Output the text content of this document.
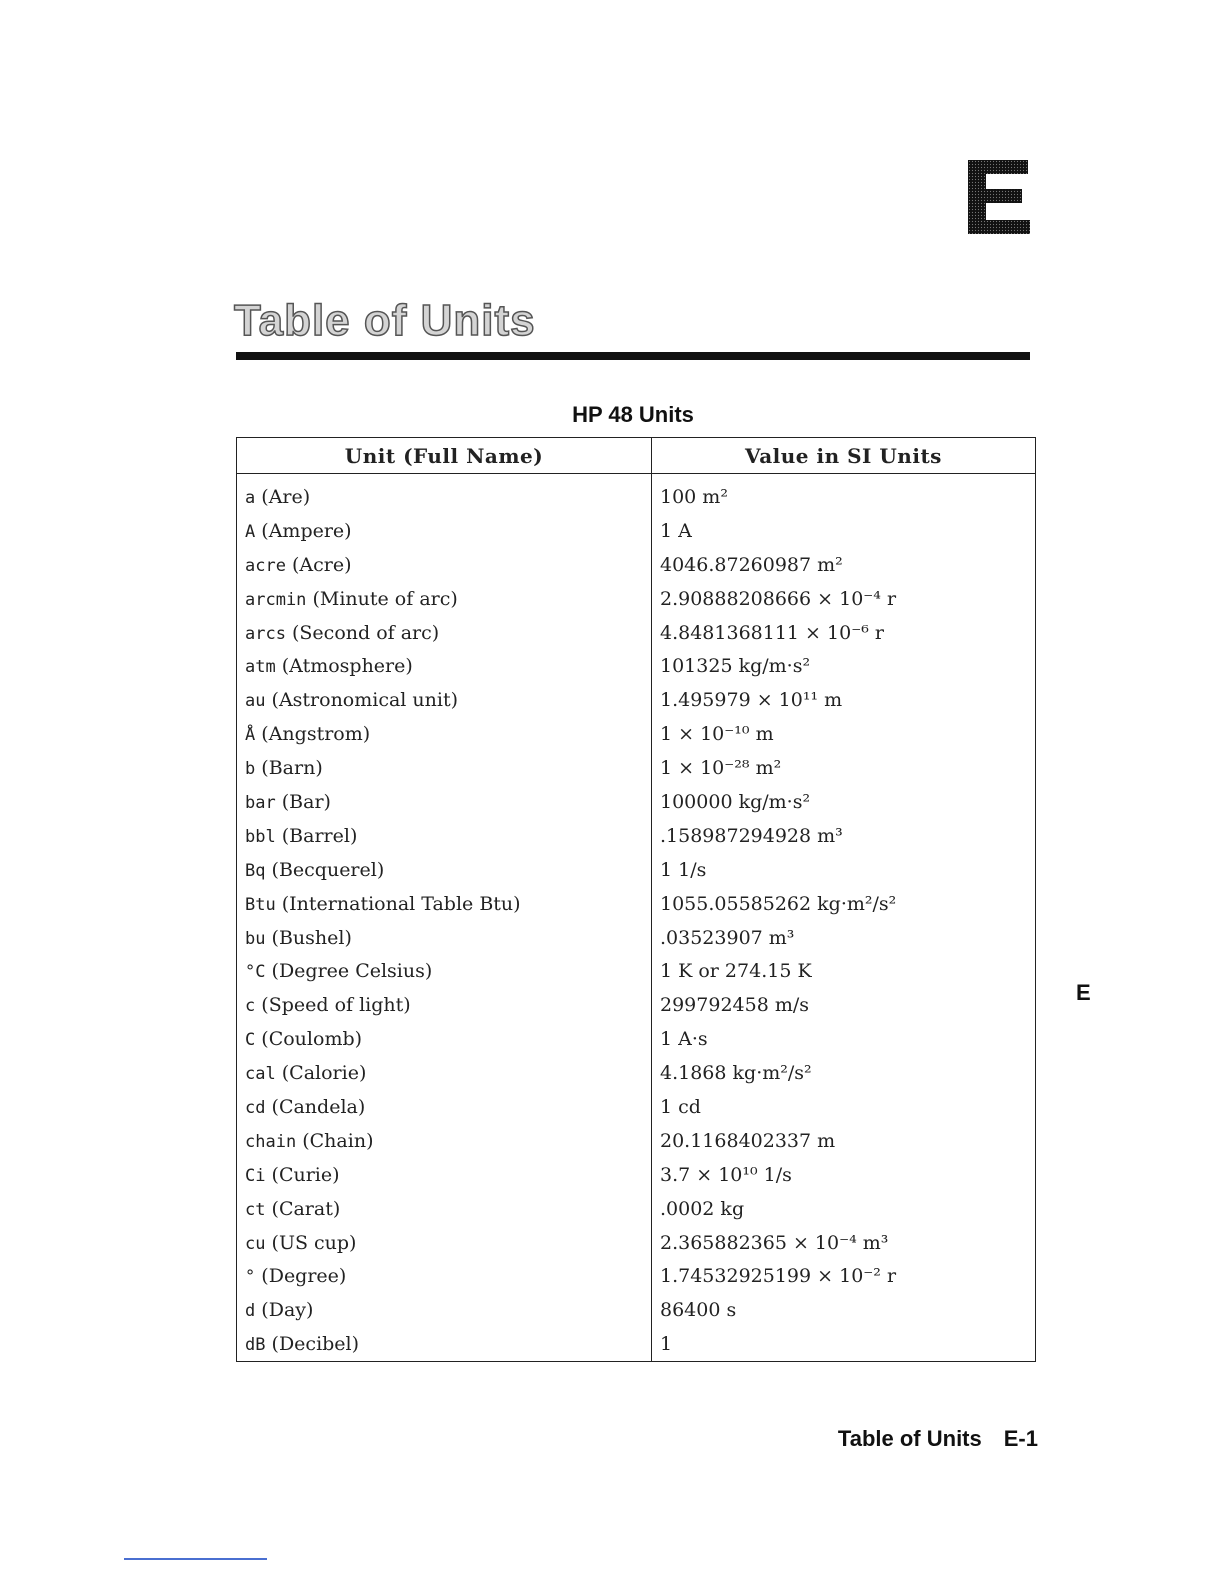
Table of Units
HP 48 Units
Unit (Full Name)	Value in SI Units
a (Are)	100 m²
A (Ampere)	1 A
acre (Acre)	4046.87260987 m²
arcmin (Minute of arc)	2.90888208666 × 10⁻⁴ r
arcs (Second of arc)	4.8481368111 × 10⁻⁶ r
atm (Atmosphere)	101325 kg/m·s²
au (Astronomical unit)	1.495979 × 10¹¹ m
Å (Angstrom)	1 × 10⁻¹⁰ m
b (Barn)	1 × 10⁻²⁸ m²
bar (Bar)	100000 kg/m·s²
bbl (Barrel)	.158987294928 m³
Bq (Becquerel)	1 1/s
Btu (International Table Btu)	1055.05585262 kg·m²/s²
bu (Bushel)	.03523907 m³
°C (Degree Celsius)	1 K or 274.15 K
c (Speed of light)	299792458 m/s
C (Coulomb)	1 A·s
cal (Calorie)	4.1868 kg·m²/s²
cd (Candela)	1 cd
chain (Chain)	20.1168402337 m
Ci (Curie)	3.7 × 10¹⁰ 1/s
ct (Carat)	.0002 kg
cu (US cup)	2.365882365 × 10⁻⁴ m³
° (Degree)	1.74532925199 × 10⁻² r
d (Day)	86400 s
dB (Decibel)	1
E
Table of Units E-1
